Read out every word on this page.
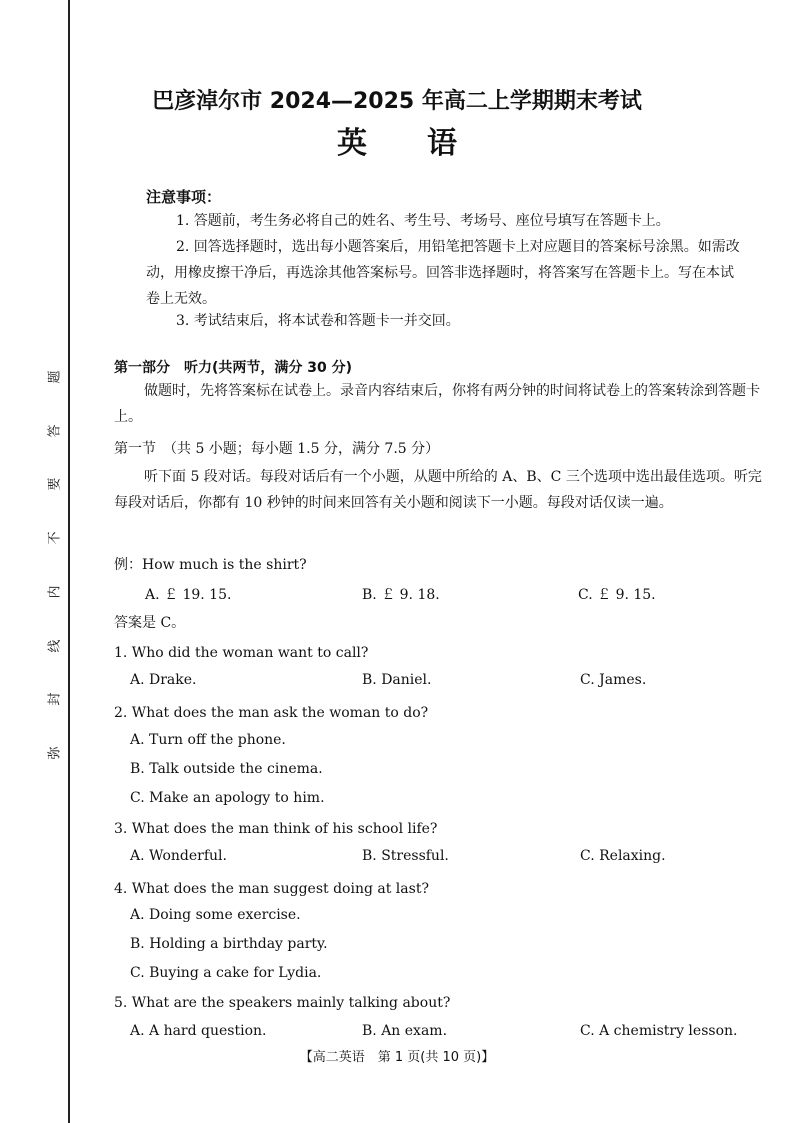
题
答
要
不
内
线
封
弥
巴彦淖尔市 2024—2025 年高二上学期期末考试
英语
注意事项：
1. 答题前，考生务必将自己的姓名、考生号、考场号、座位号填写在答题卡上。
2. 回答选择题时，选出每小题答案后，用铅笔把答题卡上对应题目的答案标号涂黑。如需改动，用橡皮擦干净后，再选涂其他答案标号。回答非选择题时，将答案写在答题卡上。写在本试卷上无效。
3. 考试结束后，将本试卷和答题卡一并交回。
第一部分　听力(共两节，满分 30 分)
做题时，先将答案标在试卷上。录音内容结束后，你将有两分钟的时间将试卷上的答案转涂到答题卡上。
第一节　（共 5 小题；每小题 1.5 分，满分 7.5 分）
听下面 5 段对话。每段对话后有一个小题，从题中所给的 A、B、C 三个选项中选出最佳选项。听完每段对话后，你都有 10 秒钟的时间来回答有关小题和阅读下一小题。每段对话仅读一遍。
例：How much is the shirt?
A. ￡ 19. 15.	B. ￡ 9. 18.	C. ￡ 9. 15.
答案是 C。
1. Who did the woman want to call?
A. Drake.	B. Daniel.	C. James.
2. What does the man ask the woman to do?
A. Turn off the phone.
B. Talk outside the cinema.
C. Make an apology to him.
3. What does the man think of his school life?
A. Wonderful.	B. Stressful.	C. Relaxing.
4. What does the man suggest doing at last?
A. Doing some exercise.
B. Holding a birthday party.
C. Buying a cake for Lydia.
5. What are the speakers mainly talking about?
A. A hard question.	B. An exam.	C. A chemistry lesson.
【高二英语　第 1 页(共 10 页)】
